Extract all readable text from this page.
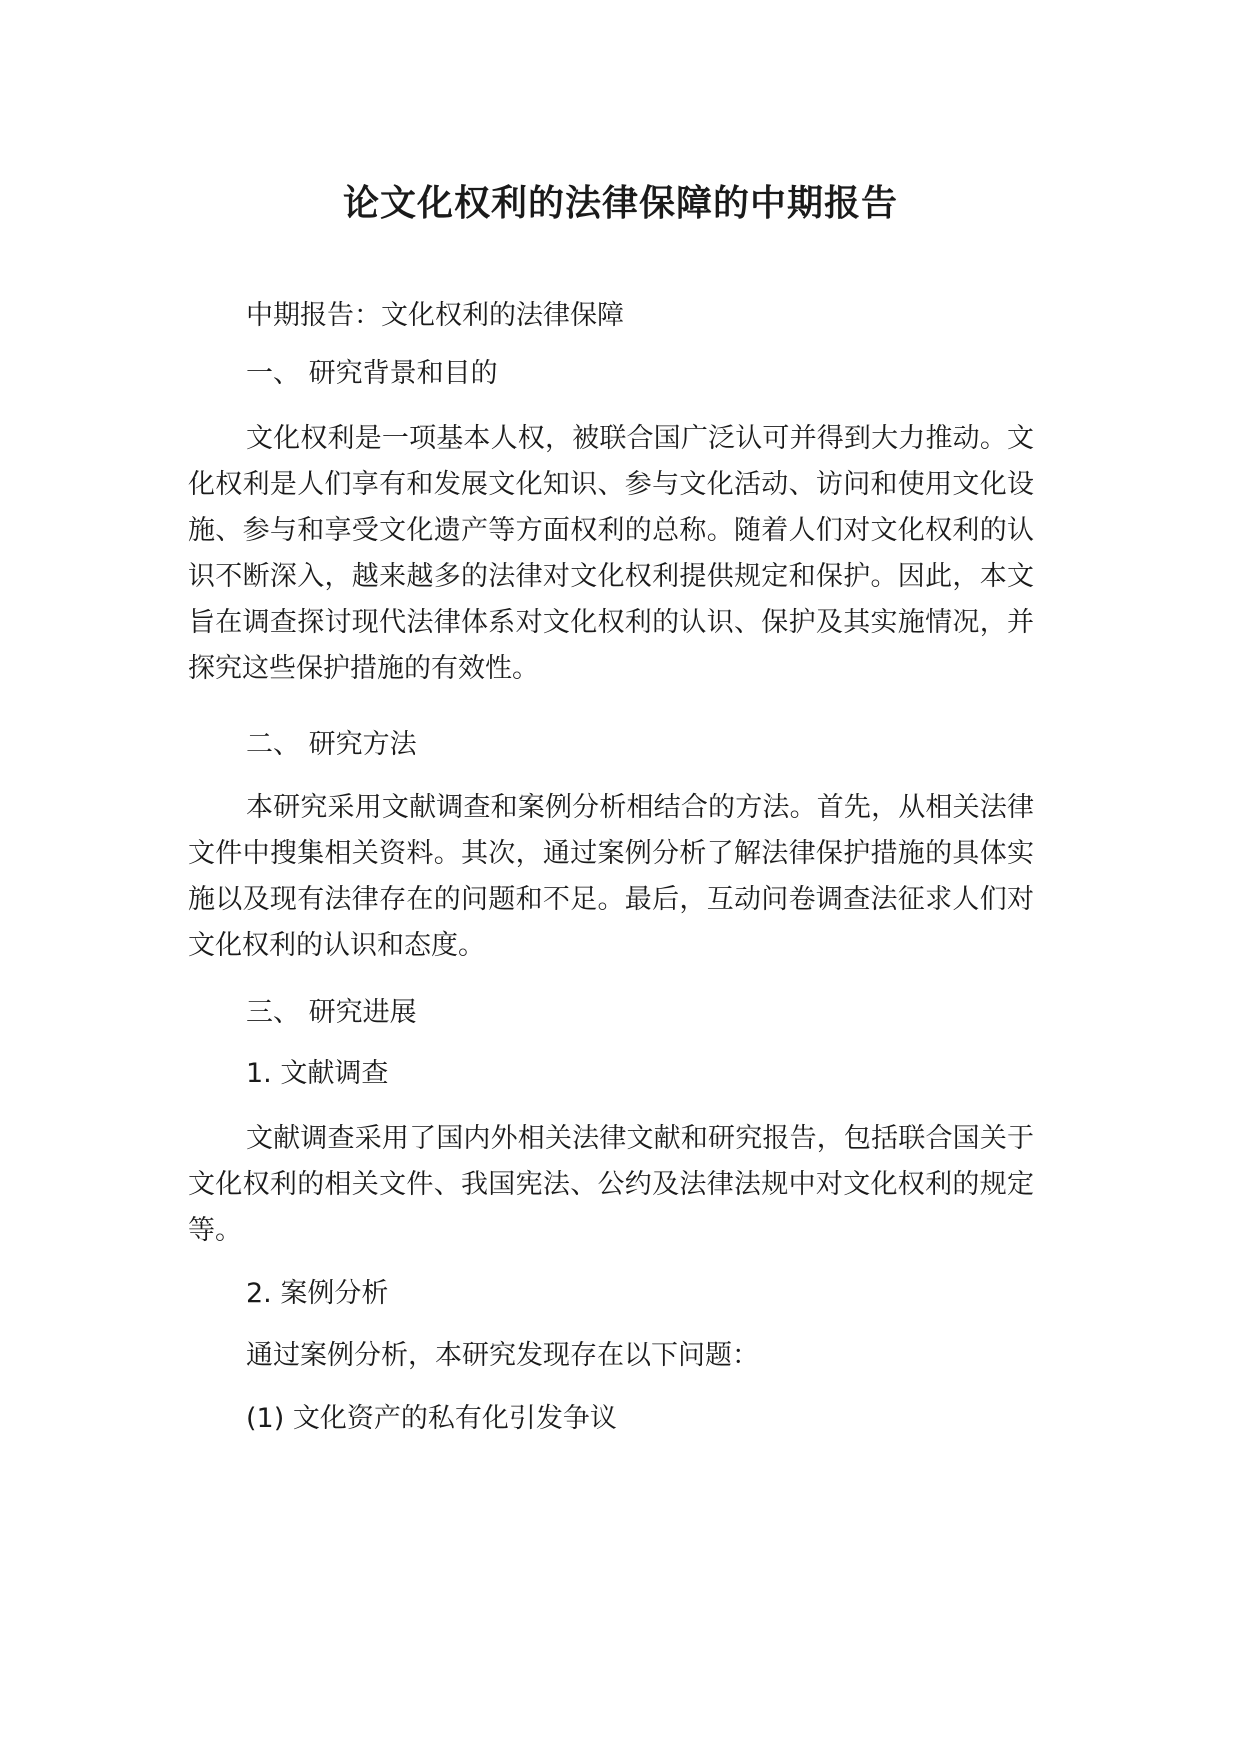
论文化权利的法律保障的中期报告

中期报告：文化权利的法律保障

一、 研究背景和目的

文化权利是一项基本人权，被联合国广泛认可并得到大力推动。文化权利是人们享有和发展文化知识、参与文化活动、访问和使用文化设施、参与和享受文化遗产等方面权利的总称。随着人们对文化权利的认识不断深入，越来越多的法律对文化权利提供规定和保护。因此，本文旨在调查探讨现代法律体系对文化权利的认识、保护及其实施情况，并探究这些保护措施的有效性。

二、 研究方法

本研究采用文献调查和案例分析相结合的方法。首先，从相关法律文件中搜集相关资料。其次，通过案例分析了解法律保护措施的具体实施以及现有法律存在的问题和不足。最后，互动问卷调查法征求人们对文化权利的认识和态度。

三、 研究进展

1. 文献调查

文献调查采用了国内外相关法律文献和研究报告，包括联合国关于文化权利的相关文件、我国宪法、公约及法律法规中对文化权利的规定等。

2. 案例分析

通过案例分析，本研究发现存在以下问题：

(1) 文化资产的私有化引发争议
